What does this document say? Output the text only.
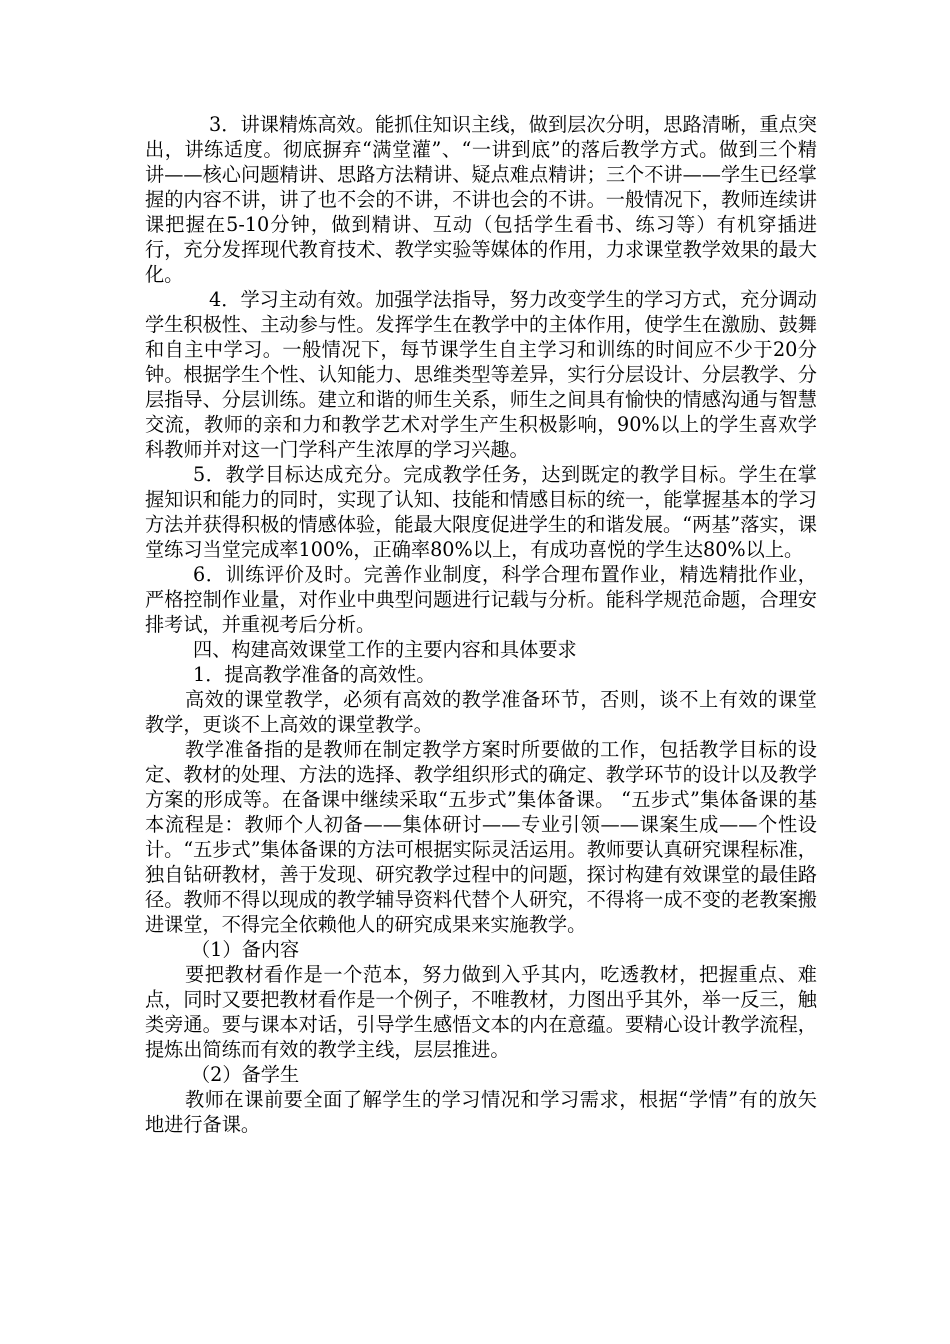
3．讲课精炼高效。能抓住知识主线，做到层次分明，思路清晰，重点突出，讲练适度。彻底摒弃“满堂灌”、“一讲到底”的落后教学方式。做到三个精讲——核心问题精讲、思路方法精讲、疑点难点精讲；三个不讲——学生已经掌握的内容不讲，讲了也不会的不讲，不讲也会的不讲。一般情况下，教师连续讲课把握在5-10分钟，做到精讲、互动（包括学生看书、练习等）有机穿插进行，充分发挥现代教育技术、教学实验等媒体的作用，力求课堂教学效果的最大化。

4．学习主动有效。加强学法指导，努力改变学生的学习方式，充分调动学生积极性、主动参与性。发挥学生在教学中的主体作用，使学生在激励、鼓舞和自主中学习。一般情况下，每节课学生自主学习和训练的时间应不少于20分钟。根据学生个性、认知能力、思维类型等差异，实行分层设计、分层教学、分层指导、分层训练。建立和谐的师生关系，师生之间具有愉快的情感沟通与智慧交流，教师的亲和力和教学艺术对学生产生积极影响，90%以上的学生喜欢学科教师并对这一门学科产生浓厚的学习兴趣。

5．教学目标达成充分。完成教学任务，达到既定的教学目标。学生在掌握知识和能力的同时，实现了认知、技能和情感目标的统一，能掌握基本的学习方法并获得积极的情感体验，能最大限度促进学生的和谐发展。“两基”落实，课堂练习当堂完成率100%，正确率80%以上，有成功喜悦的学生达80%以上。

6．训练评价及时。完善作业制度，科学合理布置作业，精选精批作业，严格控制作业量，对作业中典型问题进行记载与分析。能科学规范命题，合理安排考试，并重视考后分析。

四、构建高效课堂工作的主要内容和具体要求

1．提高教学准备的高效性。

高效的课堂教学，必须有高效的教学准备环节，否则，谈不上有效的课堂教学，更谈不上高效的课堂教学。

教学准备指的是教师在制定教学方案时所要做的工作，包括教学目标的设定、教材的处理、方法的选择、教学组织形式的确定、教学环节的设计以及教学方案的形成等。在备课中继续采取“五步式”集体备课。 “五步式”集体备课的基本流程是：教师个人初备——集体研讨——专业引领——课案生成——个性设计。“五步式”集体备课的方法可根据实际灵活运用。教师要认真研究课程标准，独自钻研教材，善于发现、研究教学过程中的问题，探讨构建有效课堂的最佳路径。教师不得以现成的教学辅导资料代替个人研究，不得将一成不变的老教案搬进课堂，不得完全依赖他人的研究成果来实施教学。

（1）备内容

要把教材看作是一个范本，努力做到入乎其内，吃透教材，把握重点、难点，同时又要把教材看作是一个例子，不唯教材，力图出乎其外，举一反三，触类旁通。要与课本对话，引导学生感悟文本的内在意蕴。要精心设计教学流程，提炼出简练而有效的教学主线，层层推进。

（2）备学生

教师在课前要全面了解学生的学习情况和学习需求，根据“学情”有的放矢地进行备课。
